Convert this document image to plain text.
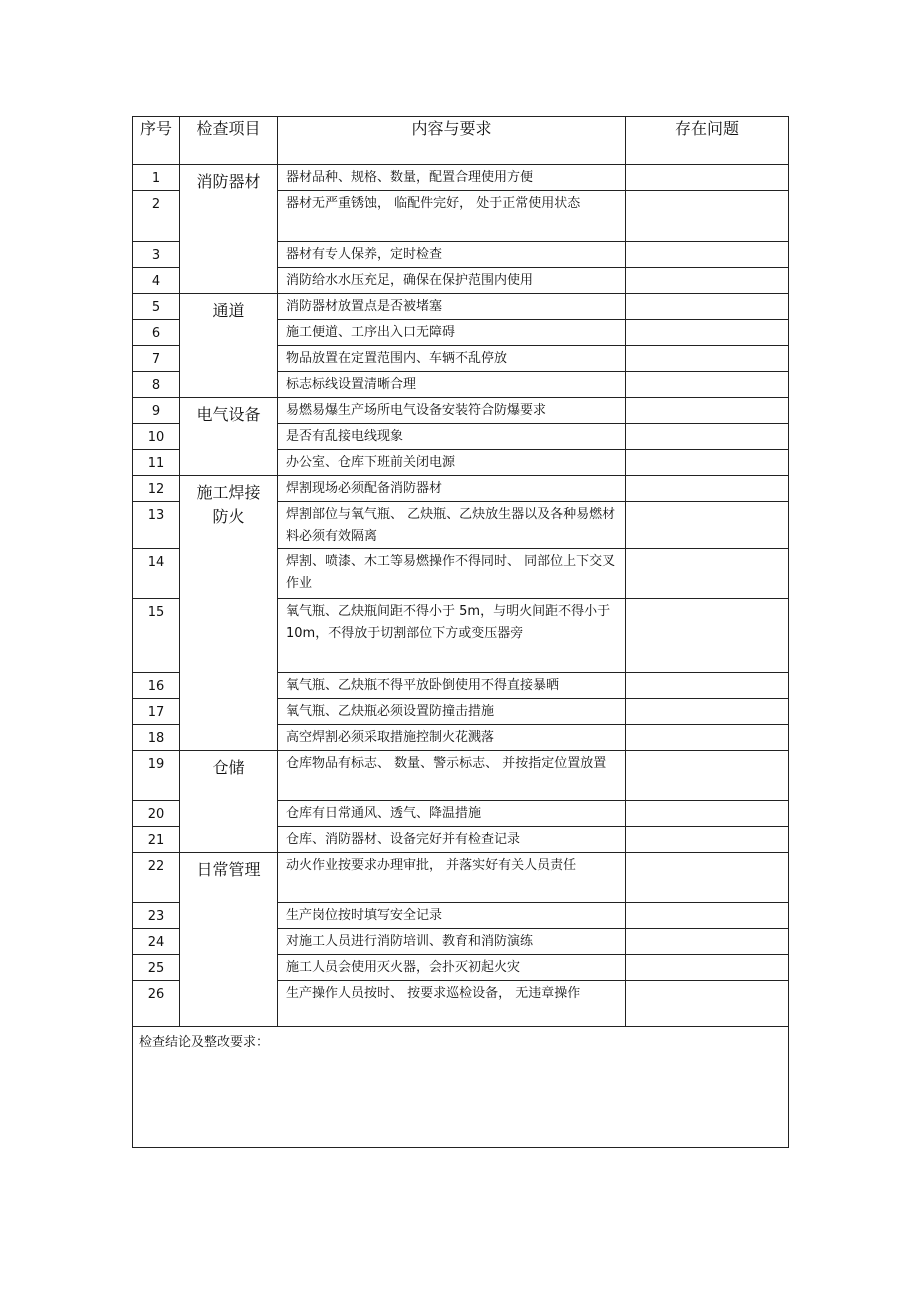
序号	检查项目	内容与要求	存在问题
1	消防器材	器材品种、规格、数量，配置合理使用方便	
2		器材无严重锈蚀， 临配件完好， 处于正常使用状态	
3		器材有专人保养，定时检查	
4		消防给水水压充足，确保在保护范围内使用	
5	通道	消防器材放置点是否被堵塞	
6		施工便道、工序出入口无障碍	
7		物品放置在定置范围内、车辆不乱停放	
8		标志标线设置清晰合理	
9	电气设备	易燃易爆生产场所电气设备安装符合防爆要求	
10		是否有乱接电线现象	
11		办公室、仓库下班前关闭电源	
12	施工焊接防火	焊割现场必须配备消防器材	
13		焊割部位与氧气瓶、 乙炔瓶、乙炔放生器以及各种易燃材料必须有效隔离	
14		焊割、喷漆、木工等易燃操作不得同时、 同部位上下交叉作业	
15		氧气瓶、乙炔瓶间距不得小于 5m，与明火间距不得小于 10m，不得放于切割部位下方或变压器旁	
16		氧气瓶、乙炔瓶不得平放卧倒使用不得直接暴晒	
17		氧气瓶、乙炔瓶必须设置防撞击措施	
18		高空焊割必须采取措施控制火花溅落	
19	仓储	仓库物品有标志、 数量、警示标志、 并按指定位置放置	
20		仓库有日常通风、透气、降温措施	
21		仓库、消防器材、设备完好并有检查记录	
22	日常管理	动火作业按要求办理审批， 并落实好有关人员责任	
23		生产岗位按时填写安全记录	
24		对施工人员进行消防培训、教育和消防演练	
25		施工人员会使用灭火器，会扑灭初起火灾	
26		生产操作人员按时、 按要求巡检设备， 无违章操作	
检查结论及整改要求：			
